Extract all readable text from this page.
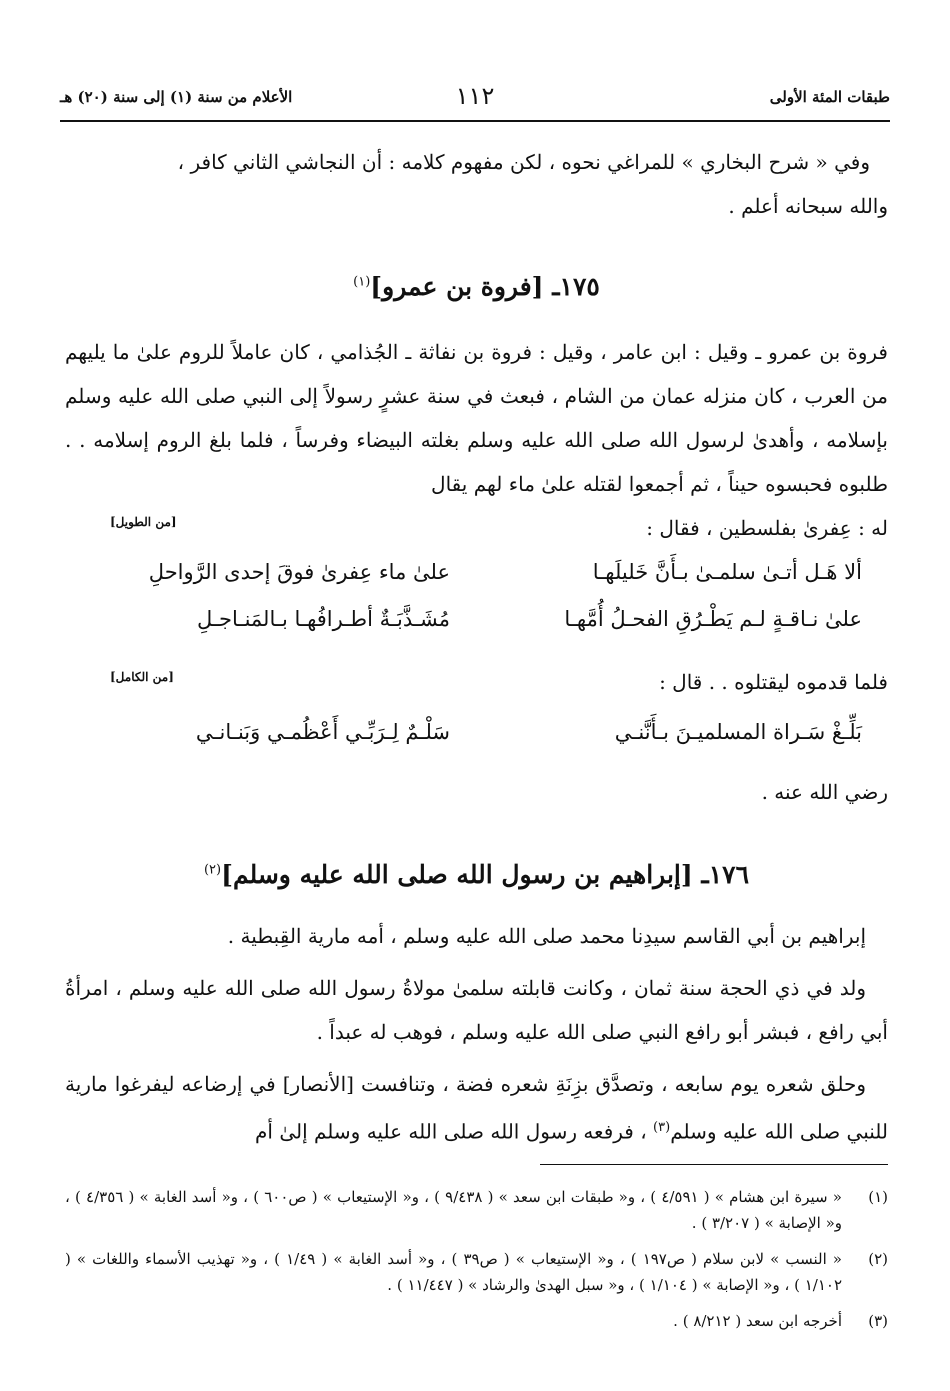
طبقات المئة الأولى
١١٢
الأعلام من سنة (١) إلى سنة (٢٠) هـ
وفي « شرح البخاري » للمراغي نحوه ، لكن مفهوم كلامه : أن النجاشي الثاني كافر ،
والله سبحانه أعلم .
١٧٥ـ [فروة بن عمرو]$^{(١)}$
فروة بن عمرو ـ وقيل : ابن عامر ، وقيل : فروة بن نفاثة ـ الجُذامي ، كان عاملاً للروم علىٰ ما يليهم من العرب ، كان منزله عمان من الشام ، فبعث في سنة عشرٍ رسولاً إلى النبي صلى الله عليه وسلم بإسلامه ، وأهدىٰ لرسول الله صلى الله عليه وسلم بغلته البيضاء وفرساً ، فلما بلغ الروم إسلامه . . طلبوه فحبسوه حيناً ، ثم أجمعوا لقتله علىٰ ماء لهم يقال
له : عِفرىٰ بفلسطين ، فقال :
[من الطويل]
ألا هَـل أتـىٰ سلمـىٰ بـأَنَّ خَليلَهـا
علىٰ ماء عِفرىٰ فوقَ إحدى الرَّواحلِ
علىٰ نـاقـةٍ لـم يَطْـرُقِ الفحـلُ أُمَّهـا
مُشَـذَّبَـةٌ أطـرافُهـا بـالمَنـاجـلِ
فلما قدموه ليقتلوه . . قال :
[من الكامل]
بَلِّـغْ سَـراة المسلميـنَ بـأَنَّنـي
سَلْـمٌ لِـرَبِّـي أَعْظُمـي وَبَنـانـي
رضي الله عنه .
١٧٦ـ [إبراهيم بن رسول الله صلى الله عليه وسلم]$^{(٢)}$
إبراهيم بن أبي القاسم سيدِنا محمد صلى الله عليه وسلم ، أمه مارية القِبطية .
ولد في ذي الحجة سنة ثمان ، وكانت قابلته سلمىٰ مولاةُ رسول الله صلى الله عليه وسلم ، امرأةُ أبي رافع ، فبشر أبو رافع النبي صلى الله عليه وسلم ، فوهب له عبداً .
وحلق شعره يوم سابعه ، وتصدَّق بزِنَةِ شعره فضة ، وتنافست [الأنصار] في إرضاعه ليفرغوا مارية للنبي صلى الله عليه وسلم$^{(٣)}$ ، فرفعه رسول الله صلى الله عليه وسلم إلىٰ أم
(١)
« سيرة ابن هشام » ( ٤/٥٩١ ) ، و« طبقات ابن سعد » ( ٩/٤٣٨ ) ، و« الإستيعاب » ( ص٦٠٠ ) ، و« أسد الغابة » ( ٤/٣٥٦ ) ، و« الإصابة » ( ٣/٢٠٧ ) .
(٢)
« النسب » لابن سلام ( ص١٩٧ ) ، و« الإستيعاب » ( ص٣٩ ) ، و« أسد الغابة » ( ١/٤٩ ) ، و« تهذيب الأسماء واللغات » ( ١/١٠٢ ) ، و« الإصابة » ( ١/١٠٤ ) ، و« سبل الهدىٰ والرشاد » ( ١١/٤٤٧ ) .
(٣)
أخرجه ابن سعد ( ٨/٢١٢ ) .
